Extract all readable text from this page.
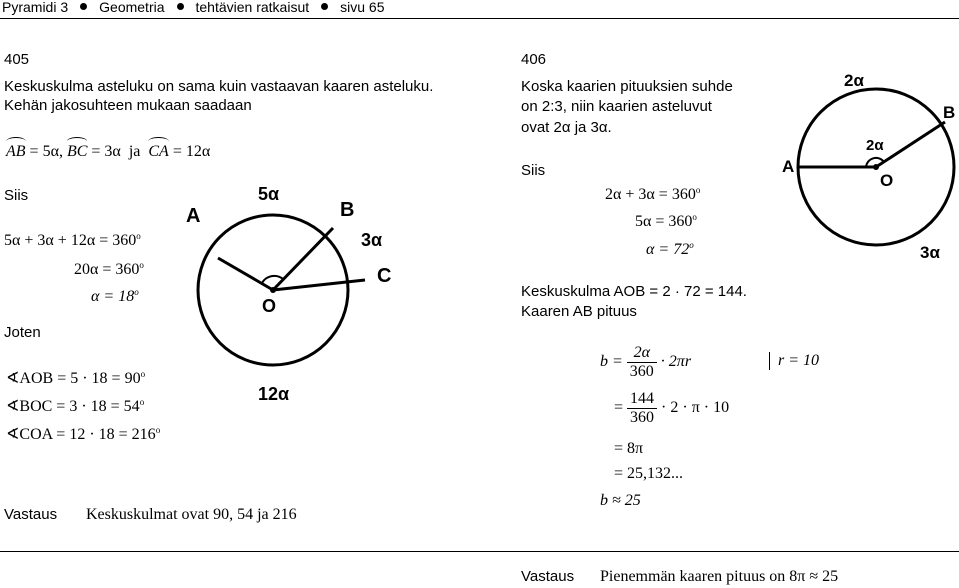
Pyramidi 3 Geometria tehtävien ratkaisut sivu 65
405
Keskuskulma asteluku on sama kuin vastaavan kaaren asteluku.
Kehän jakosuhteen mukaan saadaan
AB = 5α, BC = 3α ja CA = 12α
Siis
$5\alpha + 3\alpha + 12\alpha = 360^o$
$20\alpha = 360^o$
$\alpha = 18^o$
Joten
∢AOB = $5 \cdot 18 = 90^o$
∢BOC = $3 \cdot 18 = 54^o$
∢COA = $12 \cdot 18 = 216^o$
Vastaus Keskuskulmat ovat 90, 54 ja 216
A	B
C
O
5α
3α
12α
406
Koska kaarien pituuksien suhde
on 2:3, niin kaarien asteluvut
ovat 2α ja 3α.
Siis
$2\alpha + 3\alpha = 360^o$
$5\alpha = 360^o$
$\alpha = 72^o$
Keskuskulma AOB = 2 · 72 = 144.
Kaaren AB pituus
$b = \frac{2\alpha}{360} \cdot 2\pi r$	r = 10
= $\frac{144}{360} \cdot 2 \cdot \pi \cdot 10$
= 8π
= 25,132...
b ≈ 25
Vastaus Pienemmän kaaren pituus on 8π ≈ 25
2α
2α
A
B
O
3α
